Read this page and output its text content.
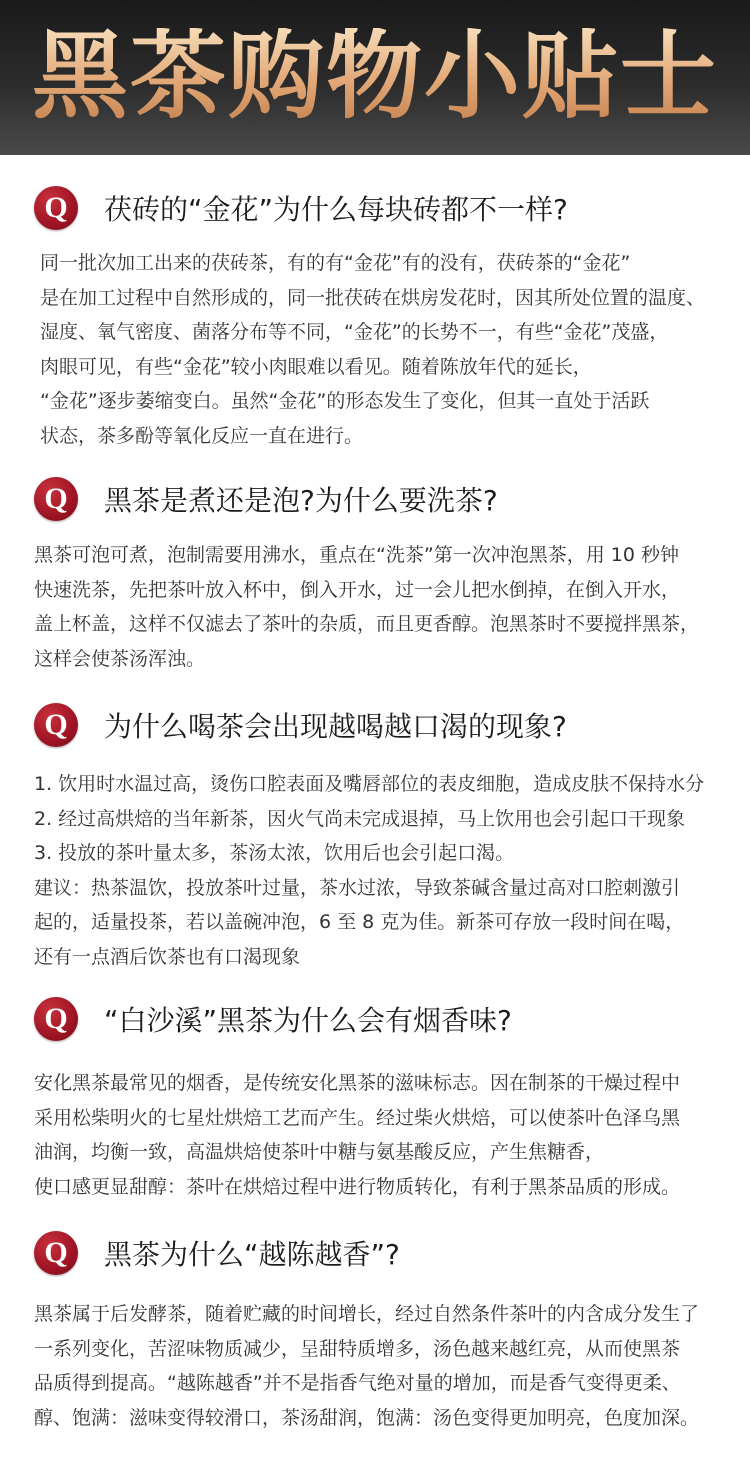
黑茶购物小贴士
Q	茯砖的“金花”为什么每块砖都不一样?
同一批次加工出来的茯砖茶，有的有“金花”有的没有，茯砖茶的“金花”
是在加工过程中自然形成的，同一批茯砖在烘房发花时，因其所处位置的温度、
湿度、氧气密度、菌落分布等不同，“金花”的长势不一，有些“金花”茂盛，
肉眼可见，有些“金花”较小肉眼难以看见。随着陈放年代的延长，
“金花”逐步萎缩变白。虽然“金花”的形态发生了变化，但其一直处于活跃
状态，茶多酚等氧化反应一直在进行。
Q	黑茶是煮还是泡?为什么要洗茶?
黑茶可泡可煮，泡制需要用沸水，重点在“洗茶”第一次冲泡黑茶，用 10 秒钟
快速洗茶，先把茶叶放入杯中，倒入开水，过一会儿把水倒掉，在倒入开水，
盖上杯盖，这样不仅滤去了茶叶的杂质，而且更香醇。泡黑茶时不要搅拌黑茶，
这样会使茶汤浑浊。
Q	为什么喝茶会出现越喝越口渴的现象?
1. 饮用时水温过高，烫伤口腔表面及嘴唇部位的表皮细胞，造成皮肤不保持水分
2. 经过高烘焙的当年新茶，因火气尚未完成退掉，马上饮用也会引起口干现象
3. 投放的茶叶量太多，茶汤太浓，饮用后也会引起口渴。
建议：热茶温饮，投放茶叶过量，茶水过浓，导致茶碱含量过高对口腔刺激引
起的，适量投茶，若以盖碗冲泡，6 至 8 克为佳。新茶可存放一段时间在喝，
还有一点酒后饮茶也有口渴现象
Q	“白沙溪”黑茶为什么会有烟香味?
安化黑茶最常见的烟香，是传统安化黑茶的滋味标志。因在制茶的干燥过程中
采用松柴明火的七星灶烘焙工艺而产生。经过柴火烘焙，可以使茶叶色泽乌黑
油润，均衡一致，高温烘焙使茶叶中糖与氨基酸反应，产生焦糖香，
使口感更显甜醇：茶叶在烘焙过程中进行物质转化，有利于黑茶品质的形成。
Q	黑茶为什么“越陈越香”?
黑茶属于后发酵茶，随着贮藏的时间增长，经过自然条件茶叶的内含成分发生了
一系列变化，苦涩味物质减少，呈甜特质增多，汤色越来越红亮，从而使黑茶
品质得到提高。“越陈越香”并不是指香气绝对量的增加，而是香气变得更柔、
醇、饱满：滋味变得较滑口，茶汤甜润，饱满：汤色变得更加明亮，色度加深。
